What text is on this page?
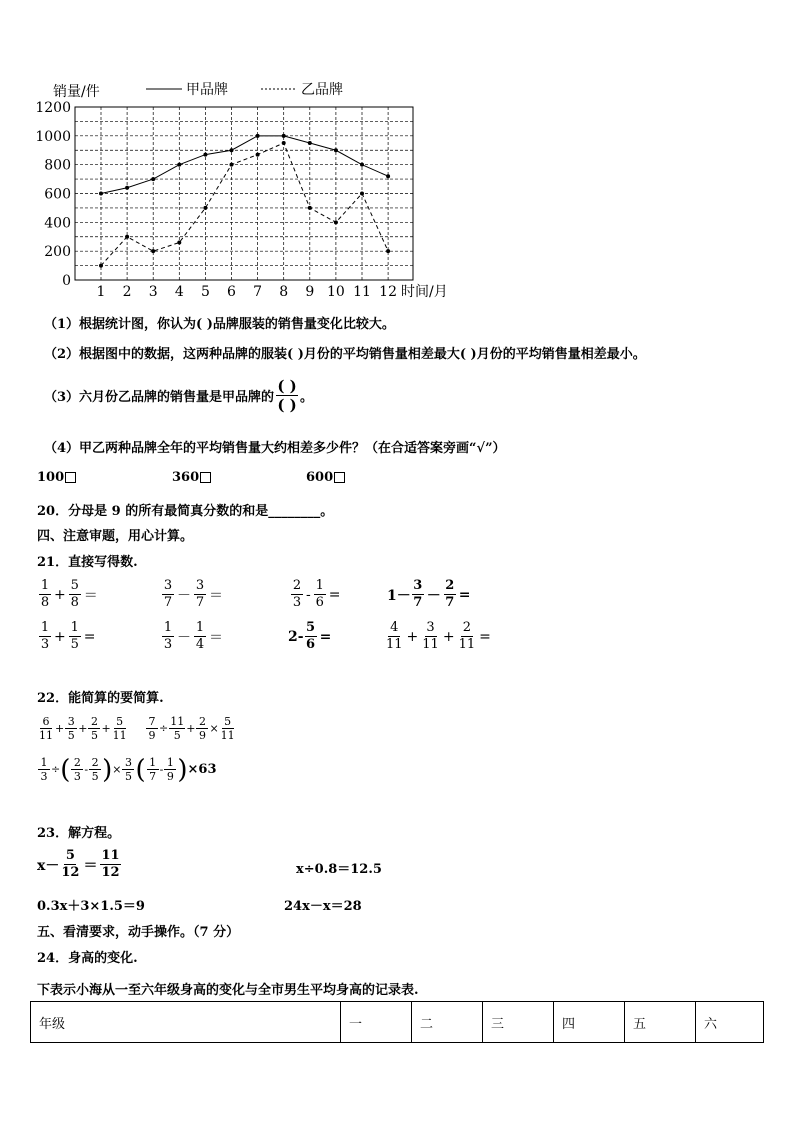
销量/件	甲品牌	乙品牌
0
200
400
600
800
1000
1200
1 2 3 4 5 6 7 8 9 10 11 12 时间/月
（1）根据统计图，你认为( )品牌服装的销售量变化比较大。
（2）根据图中的数据，这两种品牌的服装( )月份的平均销售量相差最大( )月份的平均销售量相差最小。
（3）六月份乙品牌的销售量是甲品牌的
( )
( ) 。
（4）甲乙两种品牌全年的平均销售量大约相差多少件？（在合适答案旁画“√”）
100	360	600
20．分母是 9 的所有最简真分数的和是________。
四、注意审题，用心计算。
21．直接写得数.
$\frac{1}{8} + \frac{5}{8}$ ＝	$\frac{3}{7} - \frac{3}{7}$ ＝	$\frac{2}{3} - \frac{1}{6}$ =	$1- \frac{3}{7} - \frac{2}{7}$ =
$\frac{1}{3} + \frac{1}{5}$ =	$\frac{1}{3} - \frac{1}{4}$ ＝	$2- \frac{5}{6}$ =	$\frac{4}{11} + \frac{3}{11} + \frac{2}{11}$ =
22．能简算的要简算.
$\frac{6}{11} + \frac{3}{5} + \frac{2}{5} + \frac{5}{11} \frac{7}{9} \div \frac{11}{5} + \frac{2}{9} \times \frac{5}{11}$
$\frac{1}{3}$ ÷ ( $\frac{2}{3} - \frac{2}{5}$ ) × $\frac{3}{5}$ ( $\frac{1}{7} - \frac{1}{9}$ ) ×63
23．解方程。
$x- \frac{5}{12} = \frac{11}{12}$	x÷0.8＝12.5
0.3x＋3×1.5＝9	24x－x＝28
五、看清要求，动手操作。（7 分）
24．身高的变化.
下表示小海从一至六年级身高的变化与全市男生平均身高的记录表.
年级	一	二	三	四	五	六
